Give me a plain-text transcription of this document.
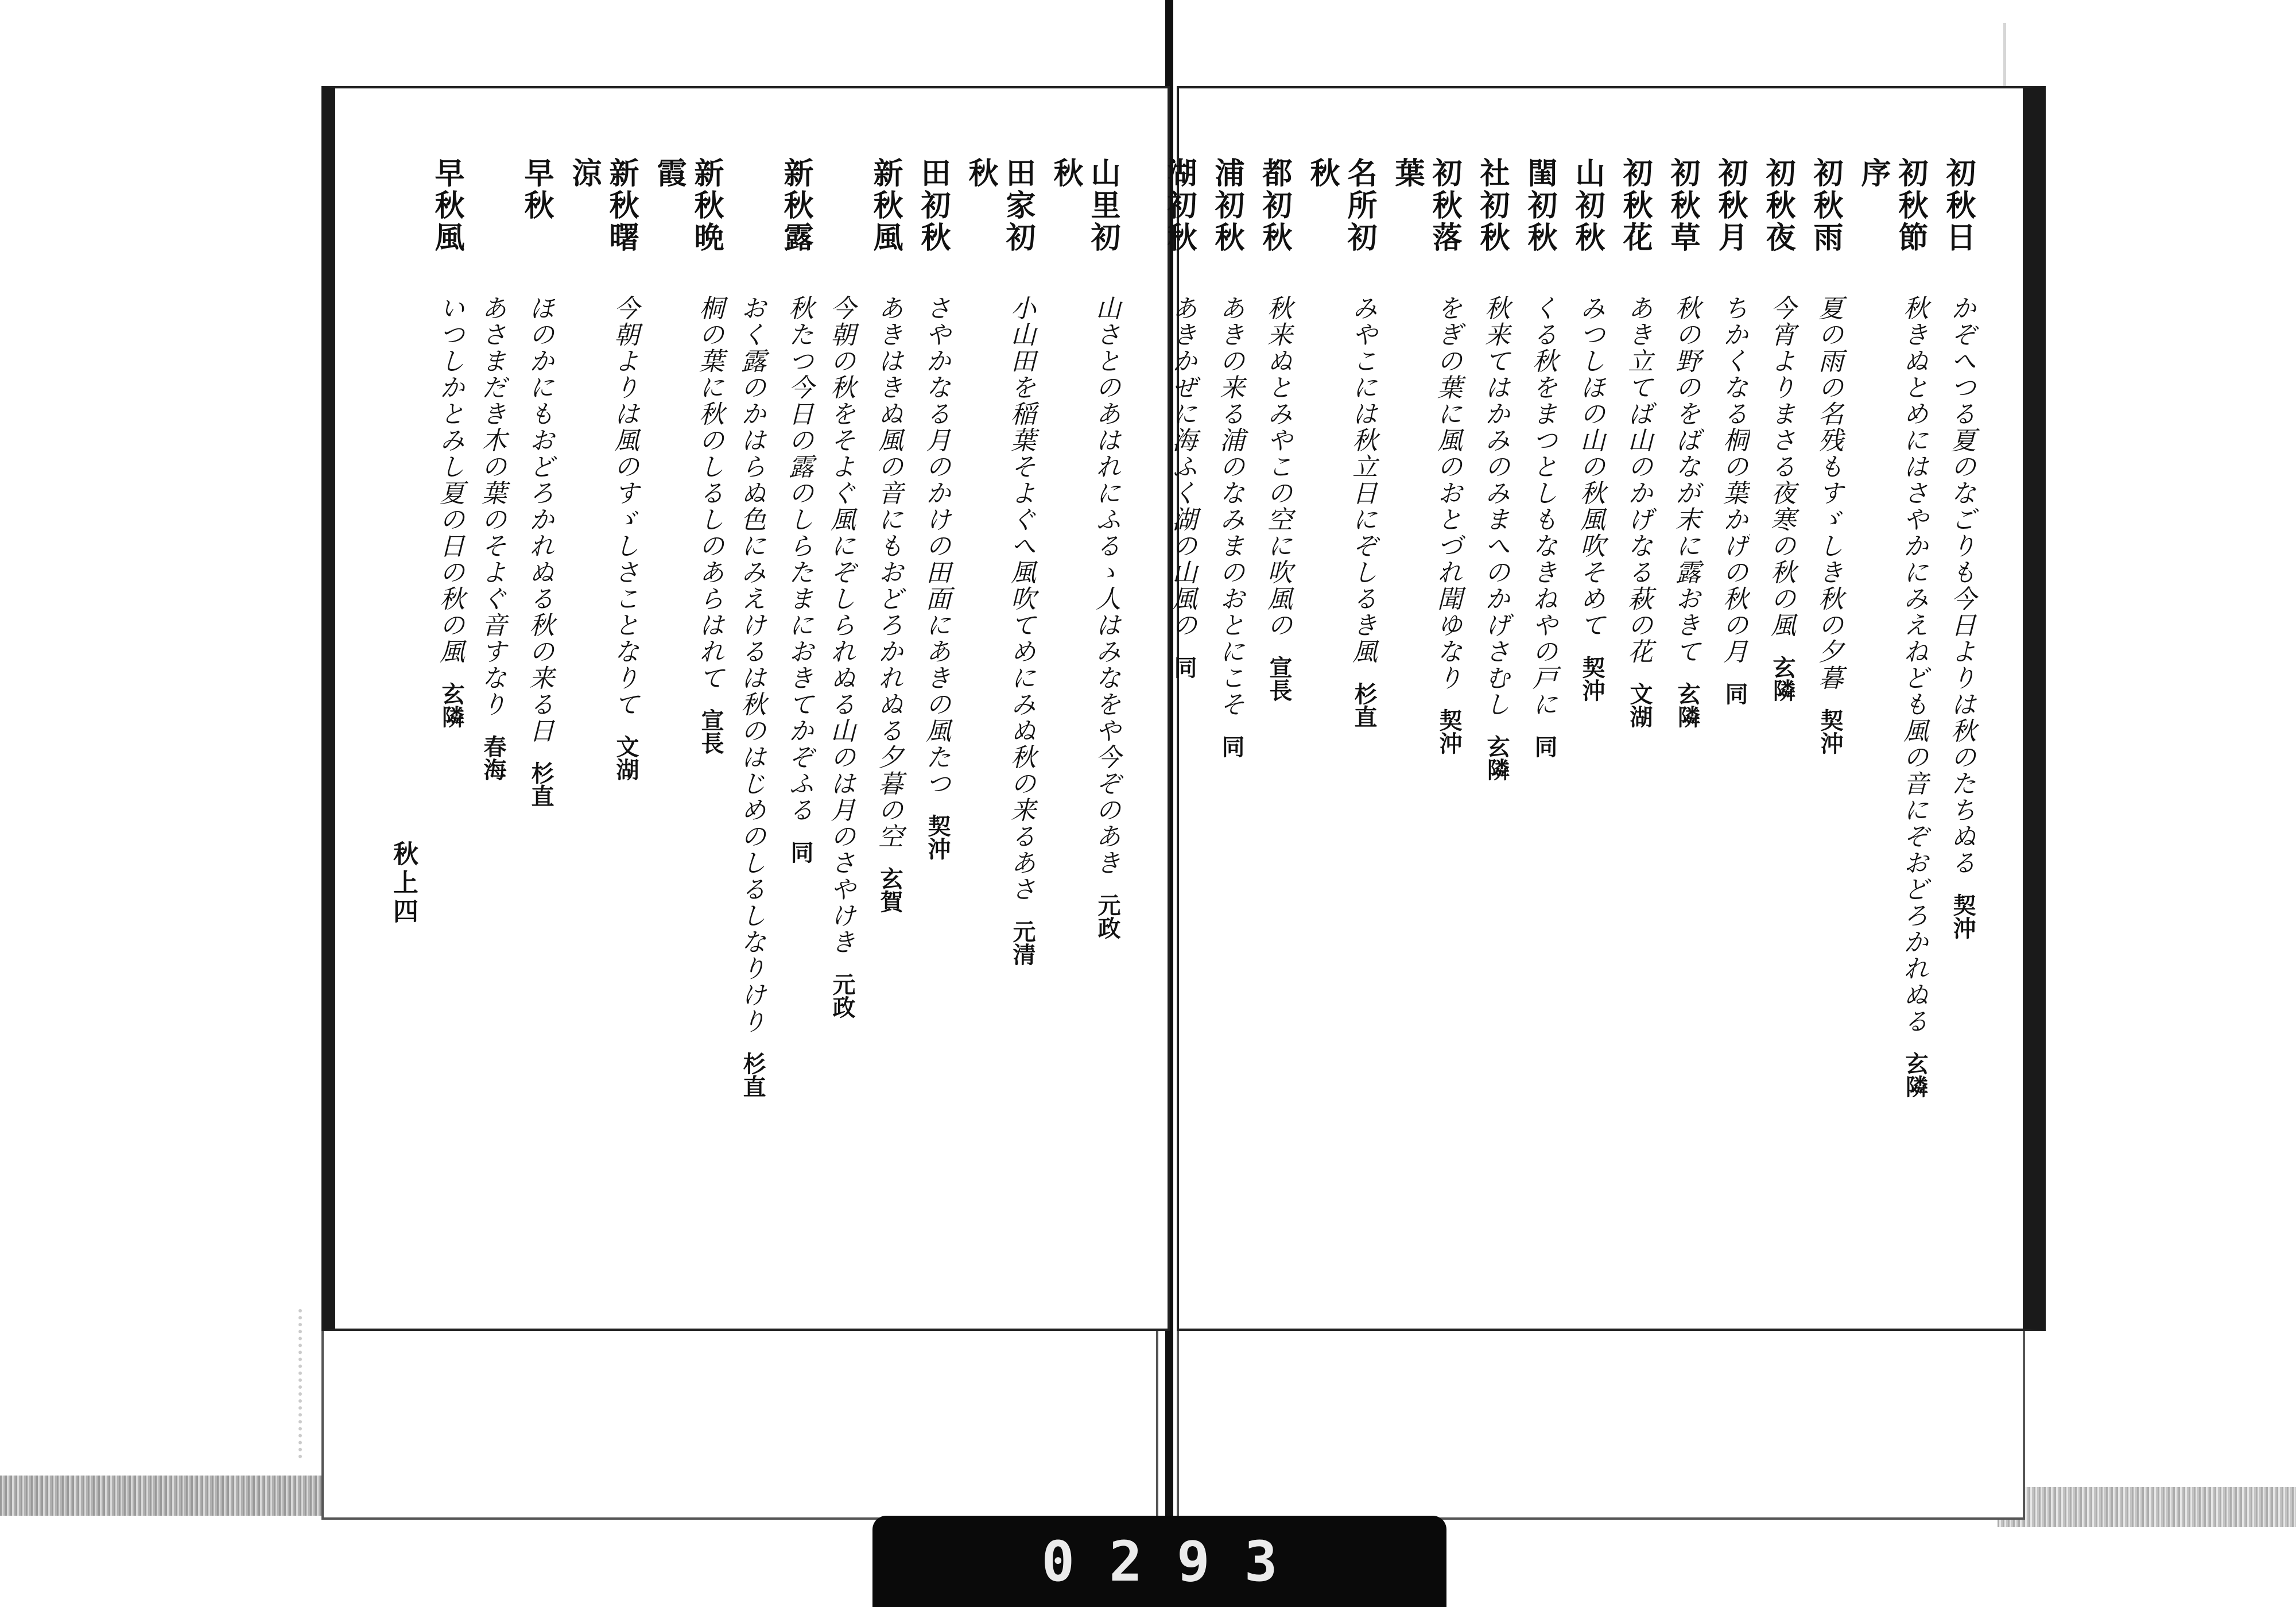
山里初秋
山さとのあはれにふるゝ人はみなをや今ぞのあき
元政
田家初秋
小山田を稲葉そよぐへ風吹てめにみぬ秋の来るあさ
元清
田初秋
さやかなる月のかけの田面にあきの風たつ
契沖
新秋風
あきはきぬ風の音にもおどろかれぬる夕暮の空
玄賀
今朝の秋をそよぐ風にぞしられぬる山のは月のさやけき
元政
新秋露
秋たつ今日の露のしらたまにおきてかぞふる
同
おく露のかはらぬ色にみえけるは秋のはじめのしるしなりけり
杉直
新秋晩霞
桐の葉に秋のしるしのあらはれて
宣長
新秋曙涼
今朝よりは風のすゞしさことなりて
文湖
早秋
ほのかにもおどろかれぬる秋の来る日
杉直
あさまだき木の葉のそよぐ音すなり
春海
早秋風
いつしかとみし夏の日の秋の風
玄隣
秋上四
初秋日
かぞへつる夏のなごりも今日よりは秋のたちぬる
契沖
初秋節序
秋きぬとめにはさやかにみえねども風の音にぞおどろかれぬる
玄隣
初秋雨
夏の雨の名残もすゞしき秋の夕暮
契沖
初秋夜
今宵よりまさる夜寒の秋の風
玄隣
初秋月
ちかくなる桐の葉かげの秋の月
同
初秋草
秋の野のをばなが末に露おきて
玄隣
初秋花
あき立てば山のかげなる萩の花
文湖
山初秋
みつしほの山の秋風吹そめて
契沖
閨初秋
くる秋をまつとしもなきねやの戸に
同
社初秋
秋来てはかみのみまへのかげさむし
玄隣
初秋落葉
をぎの葉に風のおとづれ聞ゆなり
契沖
名所初秋
みやこには秋立日にぞしるき風
杉直
都初秋
秋来ぬとみやこの空に吹風の
宣長
浦初秋
あきの来る浦のなみまのおとにこそ
同
湖初秋
あきかぜに海ふく湖の山風の
同
0293
